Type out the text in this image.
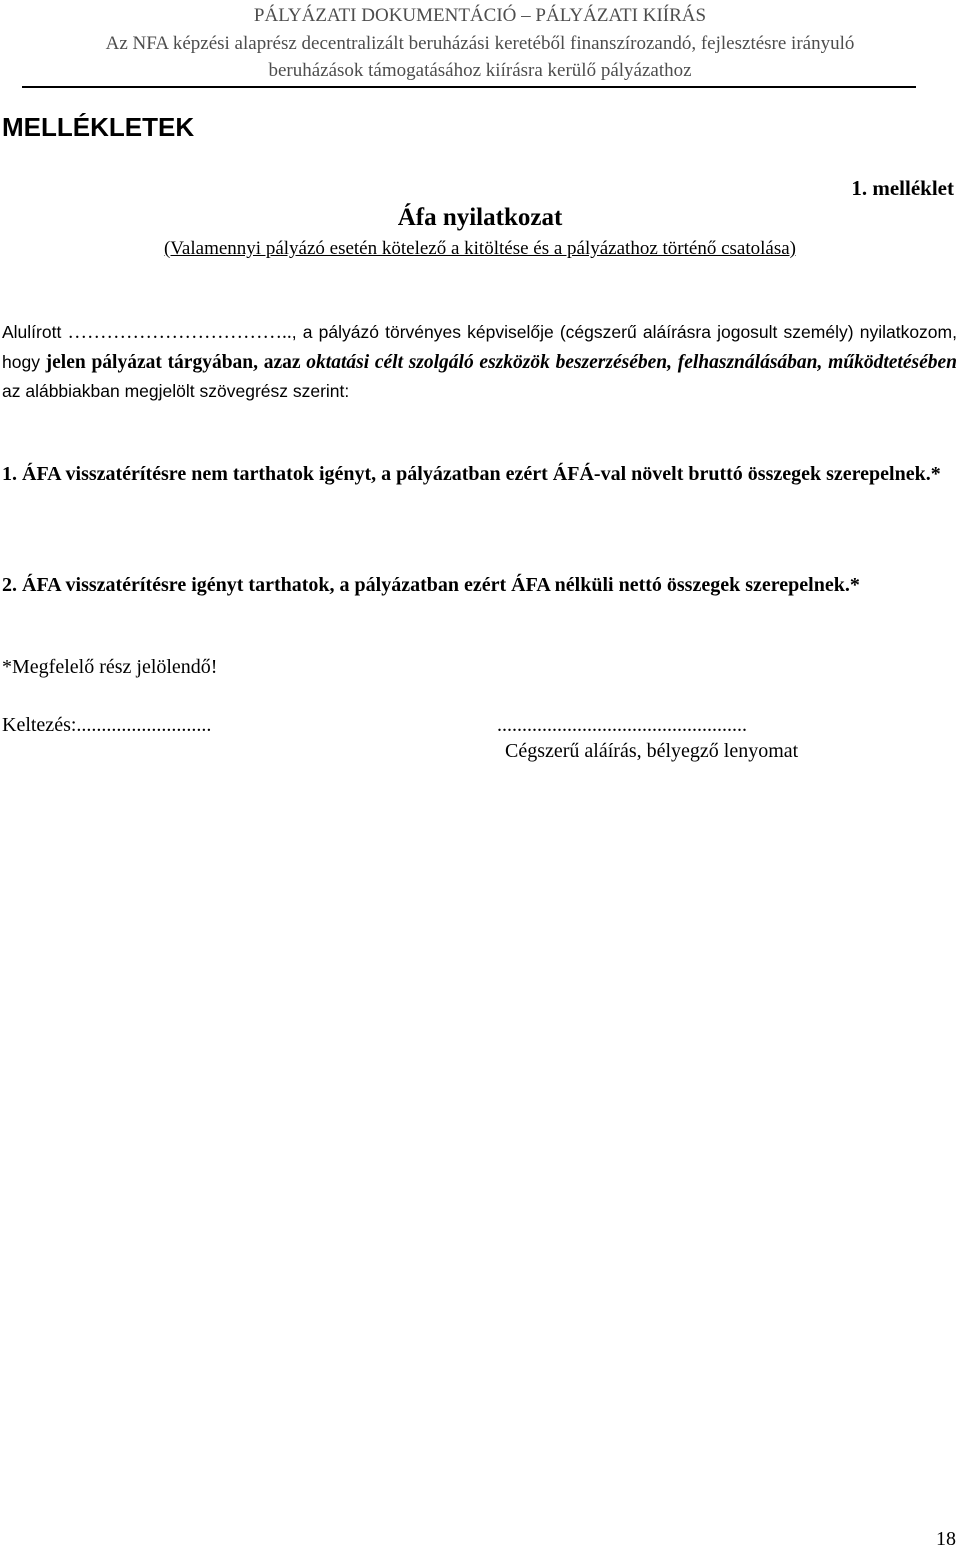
PÁLYÁZATI DOKUMENTÁCIÓ – PÁLYÁZATI KIÍRÁS
Az NFA képzési alaprész decentralizált beruházási keretéből finanszírozandó, fejlesztésre irányuló
beruházások támogatásához kiírásra kerülő pályázathoz
MELLÉKLETEK
1. melléklet
Áfa nyilatkozat
(Valamennyi pályázó esetén kötelező a kitöltése és a pályázathoz történő csatolása)
Alulírott …………………………….., a pályázó törvényes képviselője (cégszerű aláírásra jogosult személy) nyilatkozom, hogy jelen pályázat tárgyában, azaz oktatási célt szolgáló eszközök beszerzésében, felhasználásában, működtetésében az alábbiakban megjelölt szövegrész szerint:
1. ÁFA visszatérítésre nem tarthatok igényt, a pályázatban ezért ÁFÁ-val növelt bruttó összegek szerepelnek.*
2. ÁFA visszatérítésre igényt tarthatok, a pályázatban ezért ÁFA nélküli nettó összegek szerepelnek.*
*Megfelelő rész jelölendő!
Keltezés:...........................	..................................................
Cégszerű aláírás, bélyegző lenyomat
18
